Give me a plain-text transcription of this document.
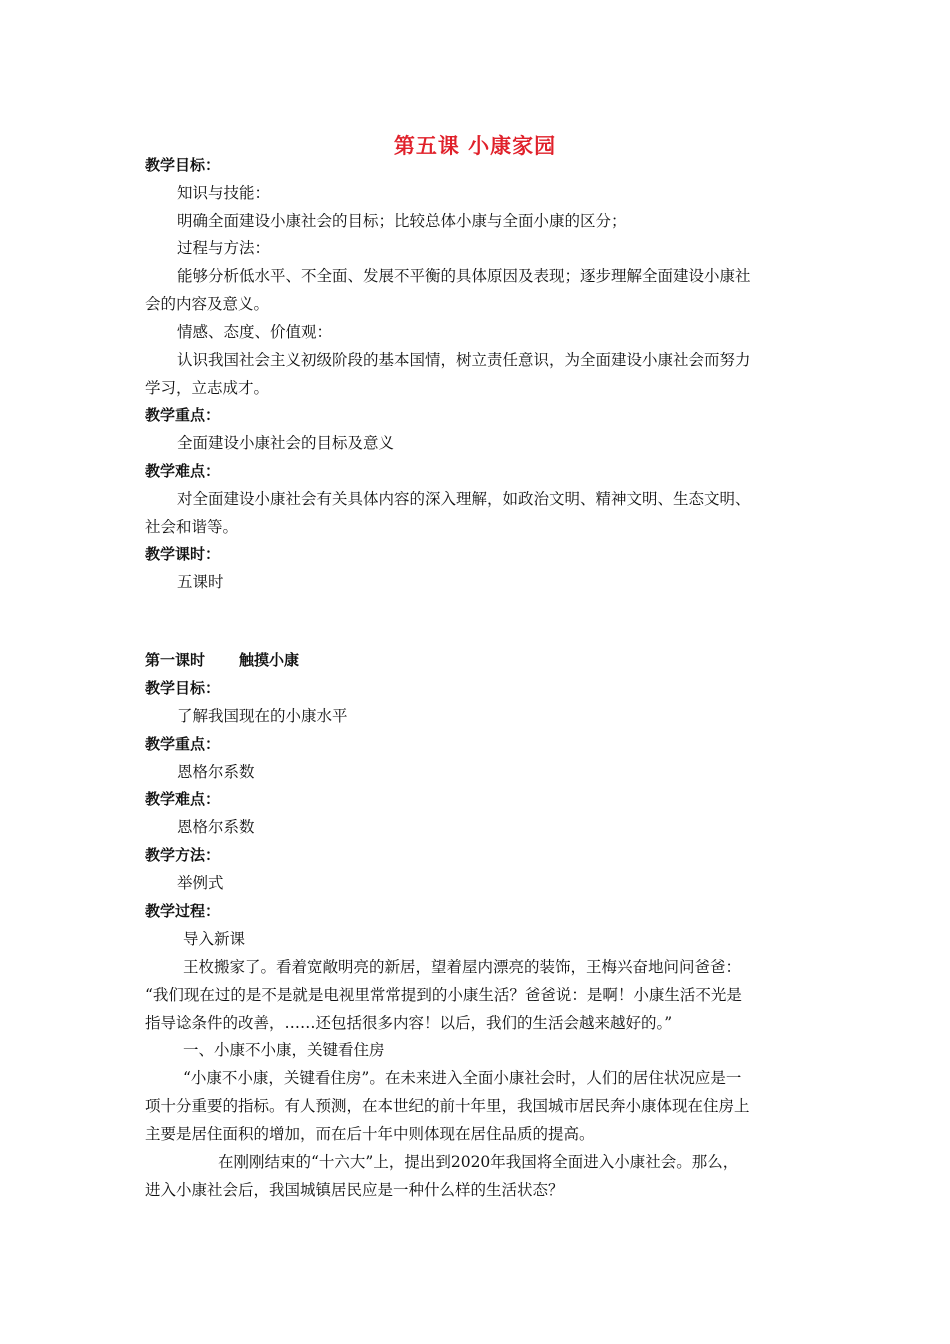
第五课 小康家园
教学目标：
知识与技能：
明确全面建设小康社会的目标；比较总体小康与全面小康的区分；
过程与方法：
能够分析低水平、不全面、发展不平衡的具体原因及表现；逐步理解全面建设小康社
会的内容及意义。
情感、态度、价值观：
认识我国社会主义初级阶段的基本国情，树立责任意识，为全面建设小康社会而努力
学习，立志成才。
教学重点：
全面建设小康社会的目标及意义
教学难点：
对全面建设小康社会有关具体内容的深入理解，如政治文明、精神文明、生态文明、
社会和谐等。
教学课时：
五课时
第一课时 触摸小康
教学目标：
了解我国现在的小康水平
教学重点：
恩格尔系数
教学难点：
恩格尔系数
教学方法：
举例式
教学过程：
导入新课
王枚搬家了。看着宽敞明亮的新居，望着屋内漂亮的装饰，王梅兴奋地问问爸爸：
“我们现在过的是不是就是电视里常常提到的小康生活？爸爸说：是啊！小康生活不光是
指导谂条件的改善，……还包括很多内容！以后，我们的生活会越来越好的。”
一、小康不小康，关键看住房
“小康不小康，关键看住房”。在未来进入全面小康社会时，人们的居住状况应是一
项十分重要的指标。有人预测，在本世纪的前十年里，我国城市居民奔小康体现在住房上
主要是居住面积的增加，而在后十年中则体现在居住品质的提高。
在刚刚结束的“十六大”上，提出到2020年我国将全面进入小康社会。那么，
进入小康社会后，我国城镇居民应是一种什么样的生活状态？
